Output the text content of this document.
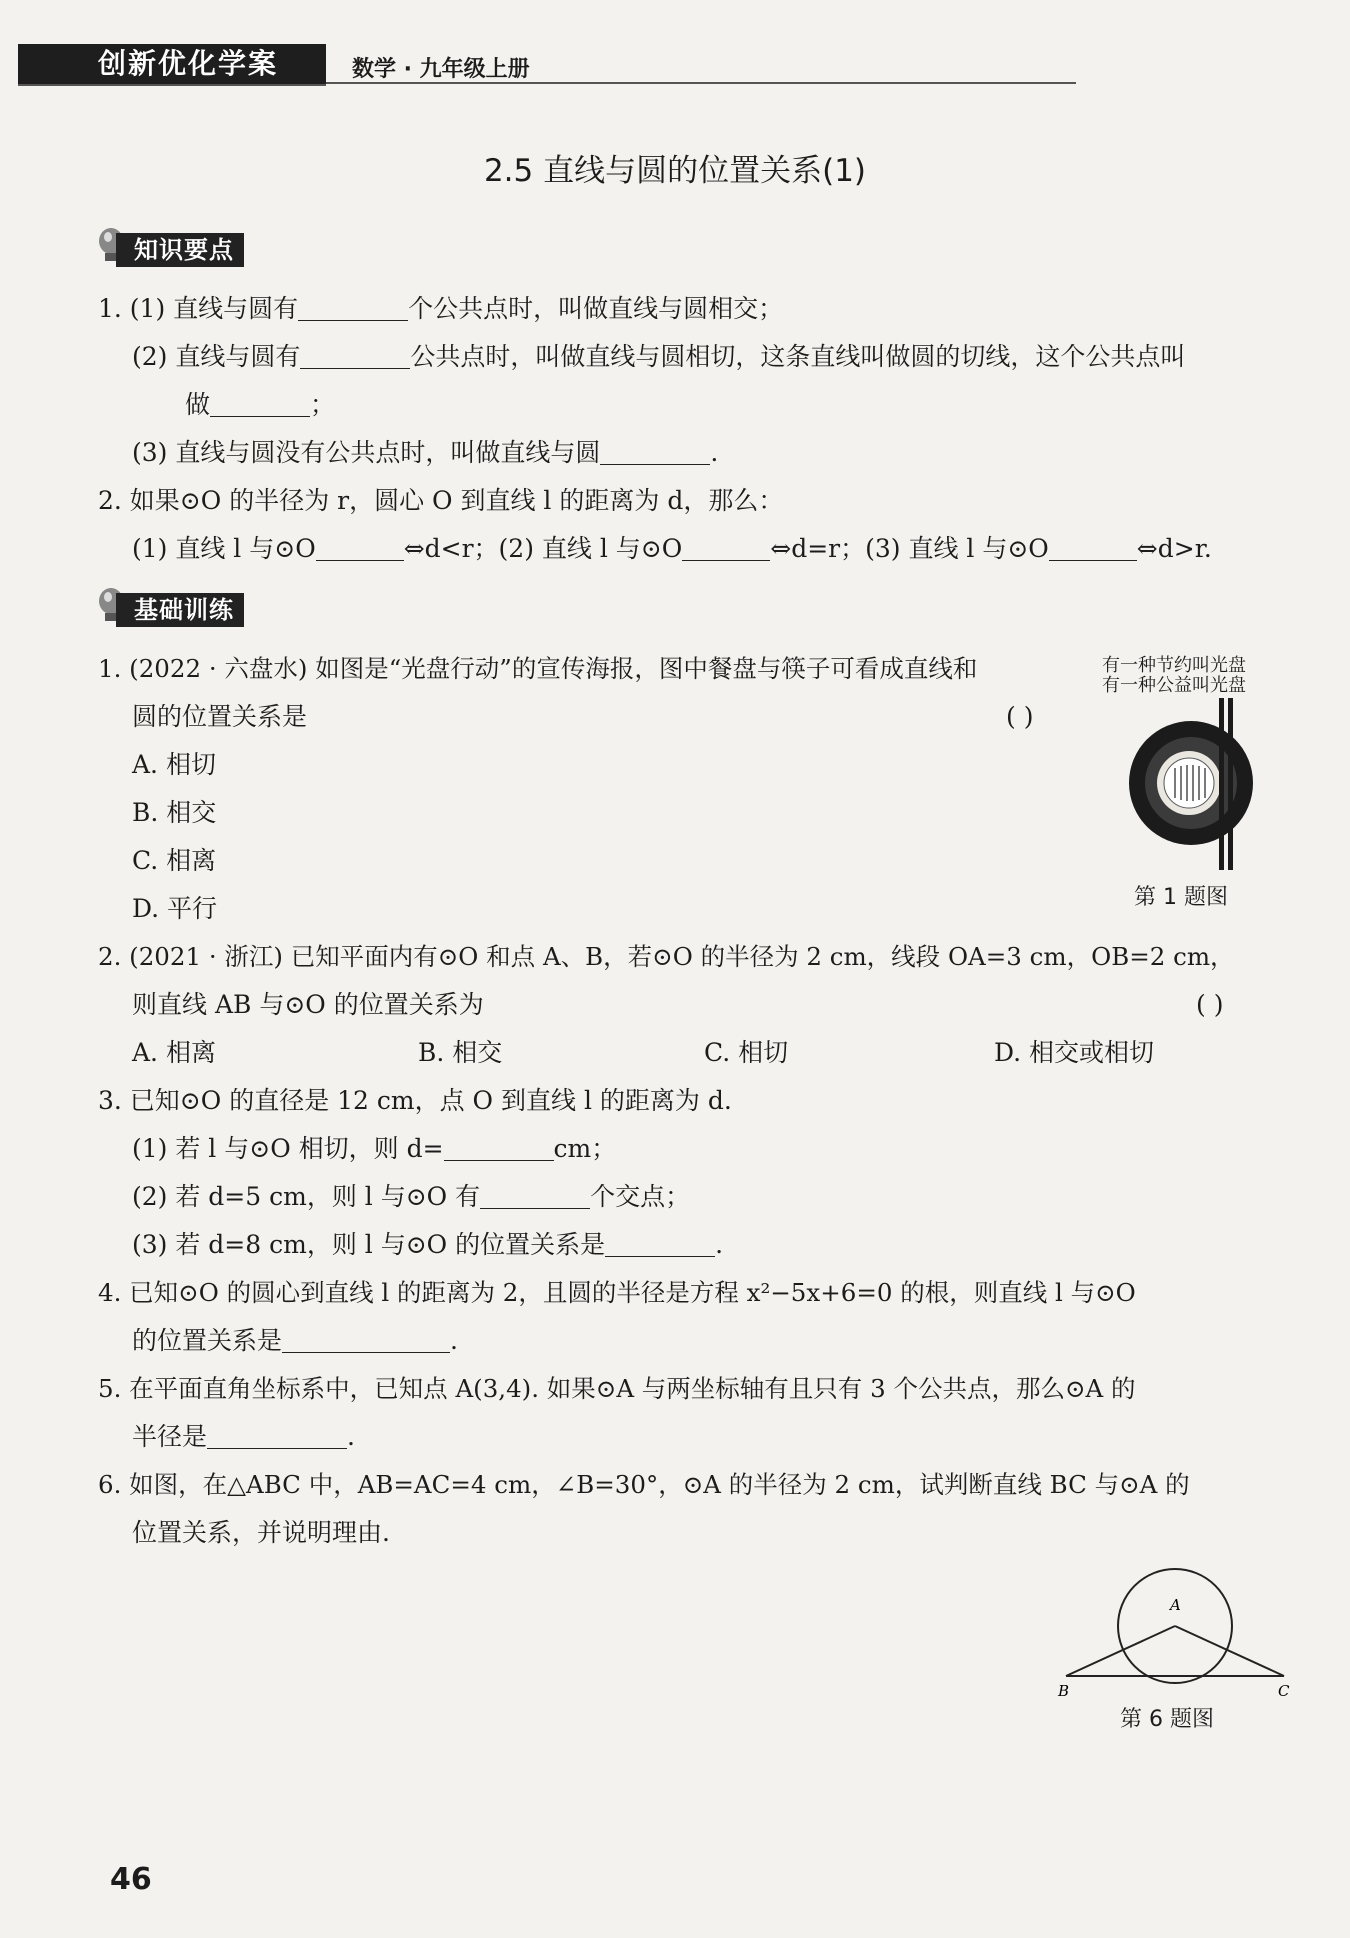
创新优化学案	数学 · 九年级上册
2.5 直线与圆的位置关系(1)
知识要点
1. (1) 直线与圆有	个公共点时，叫做直线与圆相交；
(2) 直线与圆有	公共点时，叫做直线与圆相切，这条直线叫做圆的切线，这个公共点叫
做	；
(3) 直线与圆没有公共点时，叫做直线与圆	.
2. 如果⊙O 的半径为 r，圆心 O 到直线 l 的距离为 d，那么：
(1) 直线 l 与⊙O	⇔d<r；(2) 直线 l 与⊙O	⇔d=r；(3) 直线 l 与⊙O	⇔d>r.
基础训练
1. (2022 · 六盘水) 如图是“光盘行动”的宣传海报，图中餐盘与筷子可看成直线和
圆的位置关系是	( )
A. 相切
B. 相交
C. 相离
D. 平行
有一种节约叫光盘
有一种公益叫光盘
第 1 题图
2. (2021 · 浙江) 已知平面内有⊙O 和点 A、B，若⊙O 的半径为 2 cm，线段 OA=3 cm，OB=2 cm，
则直线 AB 与⊙O 的位置关系为	( )
A. 相离	B. 相交	C. 相切	D. 相交或相切
3. 已知⊙O 的直径是 12 cm，点 O 到直线 l 的距离为 d.
(1) 若 l 与⊙O 相切，则 d=	cm；
(2) 若 d=5 cm，则 l 与⊙O 有	个交点；
(3) 若 d=8 cm，则 l 与⊙O 的位置关系是	.
4. 已知⊙O 的圆心到直线 l 的距离为 2，且圆的半径是方程 x²−5x+6=0 的根，则直线 l 与⊙O
的位置关系是	.
5. 在平面直角坐标系中，已知点 A(3,4). 如果⊙A 与两坐标轴有且只有 3 个公共点，那么⊙A 的
半径是	.
6. 如图，在△ABC 中，AB=AC=4 cm，∠B=30°，⊙A 的半径为 2 cm，试判断直线 BC 与⊙A 的
位置关系，并说明理由.
A
B	C
第 6 题图
46
